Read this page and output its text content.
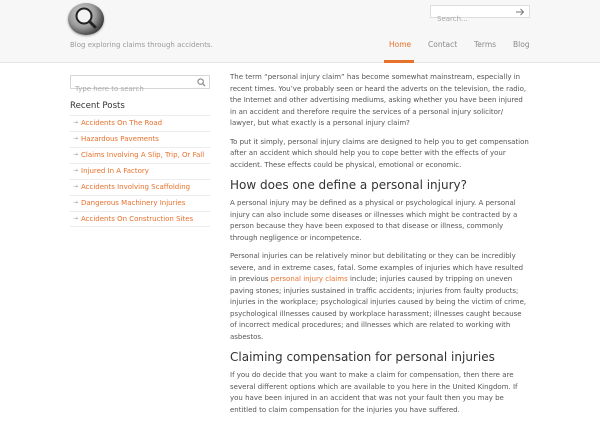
Blog exploring claims through accidents.
Search...	Home Contact Terms Blog
Type here to search
Recent Posts
→ Accidents On The Road
→ Hazardous Pavements
→ Claims Involving A Slip, Trip, Or Fall
→ Injured In A Factory
→ Accidents Involving Scaffolding
→ Dangerous Machinery Injuries
→ Accidents On Construction Sites

The term “personal injury claim” has become somewhat mainstream, especially in recent times. You’ve probably seen or heard the adverts on the television, the radio, the Internet and other advertising mediums, asking whether you have been injured in an accident and therefore require the services of a personal injury solicitor/ lawyer, but what exactly is a personal injury claim?

To put it simply, personal injury claims are designed to help you to get compensation after an accident which should help you to cope better with the effects of your accident. These effects could be physical, emotional or economic.

How does one define a personal injury?

A personal injury may be defined as a physical or psychological injury. A personal injury can also include some diseases or illnesses which might be contracted by a person because they have been exposed to that disease or illness, commonly through negligence or incompetence.

Personal injuries can be relatively minor but debilitating or they can be incredibly severe, and in extreme cases, fatal. Some examples of injuries which have resulted in previous personal injury claims include; injuries caused by tripping on uneven paving stones; injuries sustained in traffic accidents; injuries from faulty products; injuries in the workplace; psychological injuries caused by being the victim of crime, psychological illnesses caused by workplace harassment; illnesses caught because of incorrect medical procedures; and illnesses which are related to working with asbestos.

Claiming compensation for personal injuries

If you do decide that you want to make a claim for compensation, then there are several different options which are available to you here in the United Kingdom. If you have been injured in an accident that was not your fault then you may be entitled to claim compensation for the injuries you have suffered.
